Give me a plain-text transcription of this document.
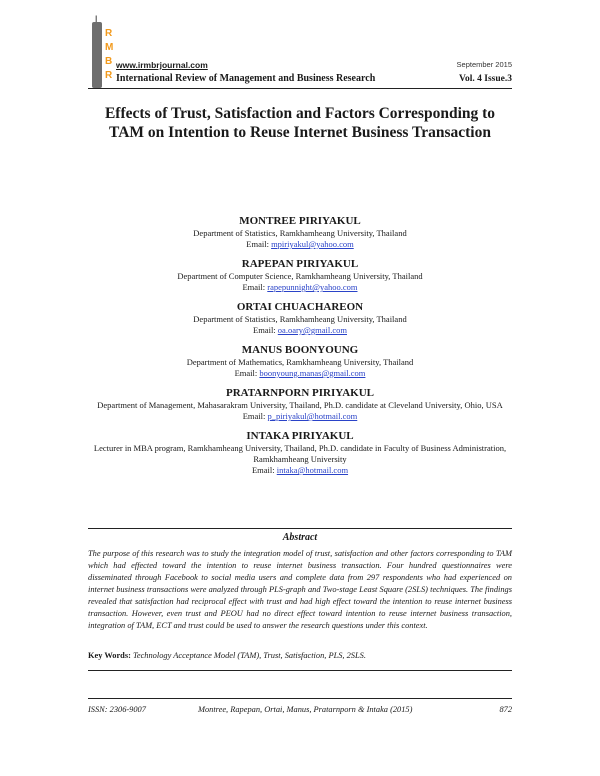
R
M
B
R
I
www.irmbrjournal.com	September 2015
International Review of Management and Business Research	Vol. 4 Issue.3
Effects of Trust, Satisfaction and Factors Corresponding to TAM on Intention to Reuse Internet Business Transaction
MONTREE PIRIYAKUL
Department of Statistics, Ramkhamheang University, Thailand
Email: mpiriyakul@yahoo.com
RAPEPAN PIRIYAKUL
Department of Computer Science, Ramkhamheang University, Thailand
Email: rapepunnight@yahoo.com
ORTAI CHUACHAREON
Department of Statistics, Ramkhamheang University, Thailand
Email: oa.oary@gmail.com
MANUS BOONYOUNG
Department of Mathematics, Ramkhamheang University, Thailand
Email: boonyoung.manas@gmail.com
PRATARNPORN PIRIYAKUL
Department of Management, Mahasarakram University, Thailand, Ph.D. candidate at Cleveland University, Ohio, USA
Email: p_piriyakul@hotmail.com
INTAKA PIRIYAKUL
Lecturer in MBA program, Ramkhamheang University, Thailand, Ph.D. candidate in Faculty of Business Administration, Ramkhamheang University
Email: intaka@hotmail.com
Abstract
The purpose of this research was to study the integration model of trust, satisfaction and other factors corresponding to TAM which had effected toward the intention to reuse internet business transaction. Four hundred questionnaires were disseminated through Facebook to social media users and complete data from 297 respondents who had experienced on internet business transactions were analyzed through PLS-graph and Two-stage Least Square (2SLS) techniques. The findings revealed that satisfaction had reciprocal effect with trust and had high effect toward the intention to reuse internet business transaction. However, even trust and PEOU had no direct effect toward intention to reuse internet business transaction, integration of TAM, ECT and trust could be used to answer the research questions under this context.
Key Words: Technology Acceptance Model (TAM), Trust, Satisfaction, PLS, 2SLS.
ISSN: 2306-9007	Montree, Rapepan, Ortai, Manus, Pratarnporn & Intaka (2015)	872
